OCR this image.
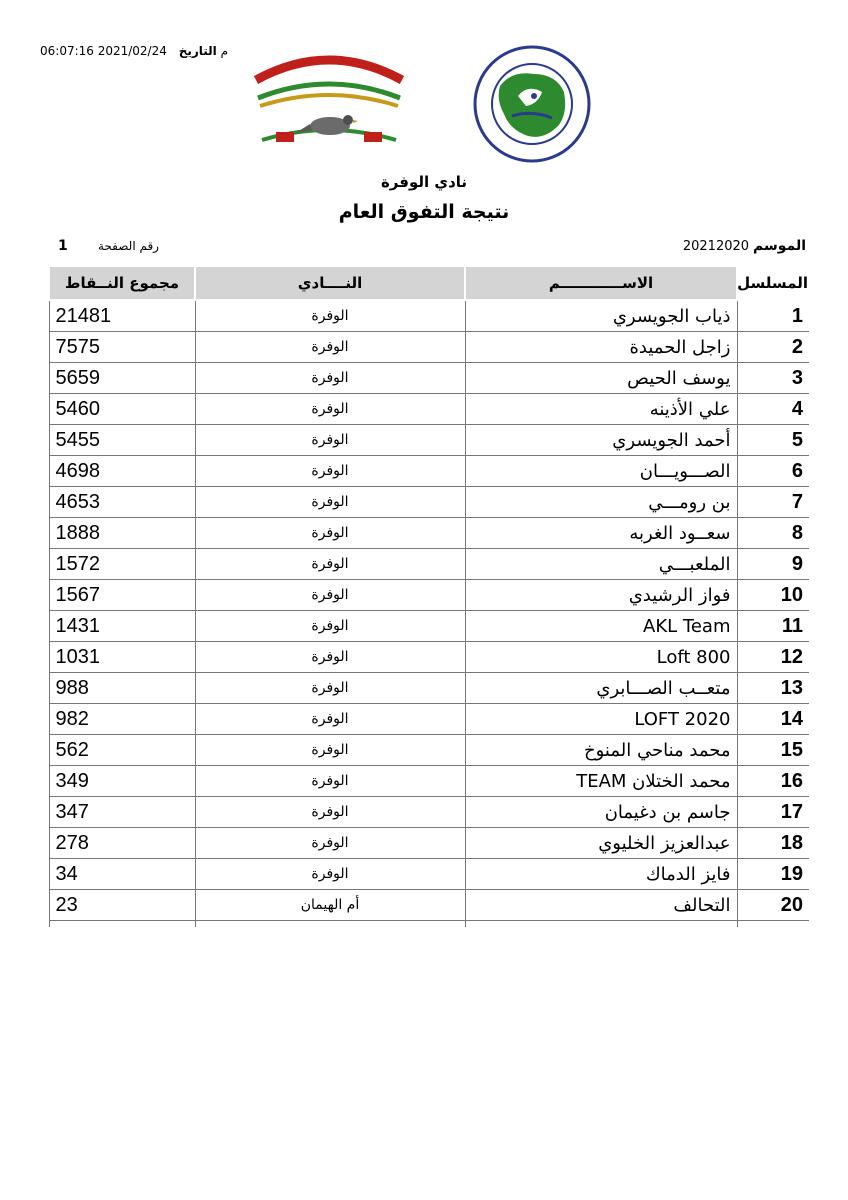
06:07:16 2021/02/24 م التاريخ
نادي الوفرة
نتيجة التفوق العام
الموسم20212020
1	رقم الصفحة
المسلسل	الاســــــــــــم	النــــادي	مجموع النــقاط
1	ذياب الجويسري	الوفرة	21481
2	زاجل الحميدة	الوفرة	7575
3	يوسف الحيص	الوفرة	5659
4	علي الأذينه	الوفرة	5460
5	أحمد الجويسري	الوفرة	5455
6	الصـــويـــان	الوفرة	4698
7	بن رومـــي	الوفرة	4653
8	سعــود الغربه	الوفرة	1888
9	الملعبـــي	الوفرة	1572
10	فواز الرشيدي	الوفرة	1567
11	AKL Team	الوفرة	1431
12	Loft 800	الوفرة	1031
13	متعــب الصـــابري	الوفرة	988
14	LOFT 2020	الوفرة	982
15	محمد مناحي المنوخ	الوفرة	562
16	محمد الختلان TEAM	الوفرة	349
17	جاسم بن دغيمان	الوفرة	347
18	عبدالعزيز الخليوي	الوفرة	278
19	فايز الدماك	الوفرة	34
20	التحالف	أم الهيمان	23
